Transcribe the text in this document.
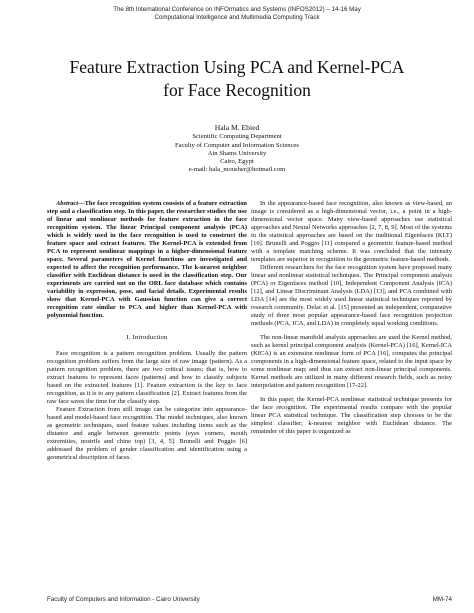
The 8th International Conference on INFOrmatics and Systems (INFOS2012) – 14-16 May
Computational Intelligence and Multimedia Computing Track
Feature Extraction Using PCA and Kernel-PCA
for Face Recognition
Hala M. Ebied
Scientific Computing Department
Faculty of Computer and Information Sciences
Ain Shams University
Cairo, Egypt
e-mail: hala_mousher@hotmail.com

Abstract—The face recognition system consists of a feature extraction step and a classification step. In this paper, the researcher studies the use of linear and nonlinear methods for feature extraction in the face recognition system. The linear Principal component analysis (PCA) which is widely used in the face recognition is used to construct the feature space and extract features. The Kernel-PCA is extended from PCA to represent nonlinear mappings in a higher-dimensional feature space. Several parameters of Kernel functions are investigated and expected to affect the recognition performance. The k-nearest neighbor classifier with Euclidean distance is used in the classification step. Our experiments are carried out on the ORL face database which contains variability in expression, pose, and facial details. Experimental results show that Kernel-PCA with Gaussian function can give a correct recognition rate similar to PCA and higher than Kernel-PCA with polynomial function.

I. Introduction

Face recognition is a pattern recognition problem. Usually the pattern recognition problem suffers from the large size of raw image (pattern). As a pattern recognition problem, there are two critical issues; that is, how to extract features to represent faces (patterns) and how to classify subjects based on the extracted features [1]. Feature extraction is the key to face recognition, as it is to any pattern classification [2]. Extract features from the raw face saves the time for the classify step.

Feature Extraction from still image can be categorize into appearance-based and model-based face recognition. The model techniques, also known as geometric techniques, used feature values including items such as the distance and angle between geometric points (eyes corners, mouth extremities, nostrils and chine top) [3, 4, 5]. Brunelli and Poggio [6] addressed the problem of gender classification and identification using a geometrical description of faces.

In the appearance-based face recognition, also known as view-based, an image is considered as a high-dimensional vector, i.e., a point in a high-dimensional vector space. Many view-based approaches use statistical approaches and Neural Networks approaches [2, 7, 8, 9]. Most of the systems in the statistical approaches are based on the traditional Eigenfaces (KLT) [10]. Brunelli and Poggio [11] compared a geometric feature-based method with a template matching scheme. It was concluded that the intensity templates are superior in recognition to the geometric feature-based methods.

Different researchers for the face recognition system have proposed many linear and nonlinear statistical techniques. The Principal component analysis (PCA) or Eigenfaces method [10], Independent Component Analysis (ICA) [12], and Linear Discriminant Analysis (LDA) [13], and PCA combined with LDA [14] are the most widely used linear statistical techniques reported by research community. Delac et al. [15] presented an independent, comparative study of three most popular appearance-based face recognition projection methods (PCA, ICA, and LDA) in completely equal working conditions.

The non-linear manifold analysis approaches are used the Kernel method, such as kernel principal component analysis (Kernel-PCA) [16], Kernel-ICA (KICA) is an extension nonlinear form of PCA [16], computes the principal components in a high-dimensional feature space, related to the input space by some nonlinear map; and thus can extract non-linear principal components. Kernel methods are utilized in many different research fields, such as noisy interpolation and pattern recognition [17-22].

In this paper, the Kernel-PCA nonlinear statistical technique presents for the face recognition. The experimental results compare with the popular linear PCA statistical technique. The classification step chooses to be the simplest classifier; k-nearest neighbor with Euclidean distance. The remainder of this paper is organized as

Faculty of Computers and Information - Cairo University	MM-74
